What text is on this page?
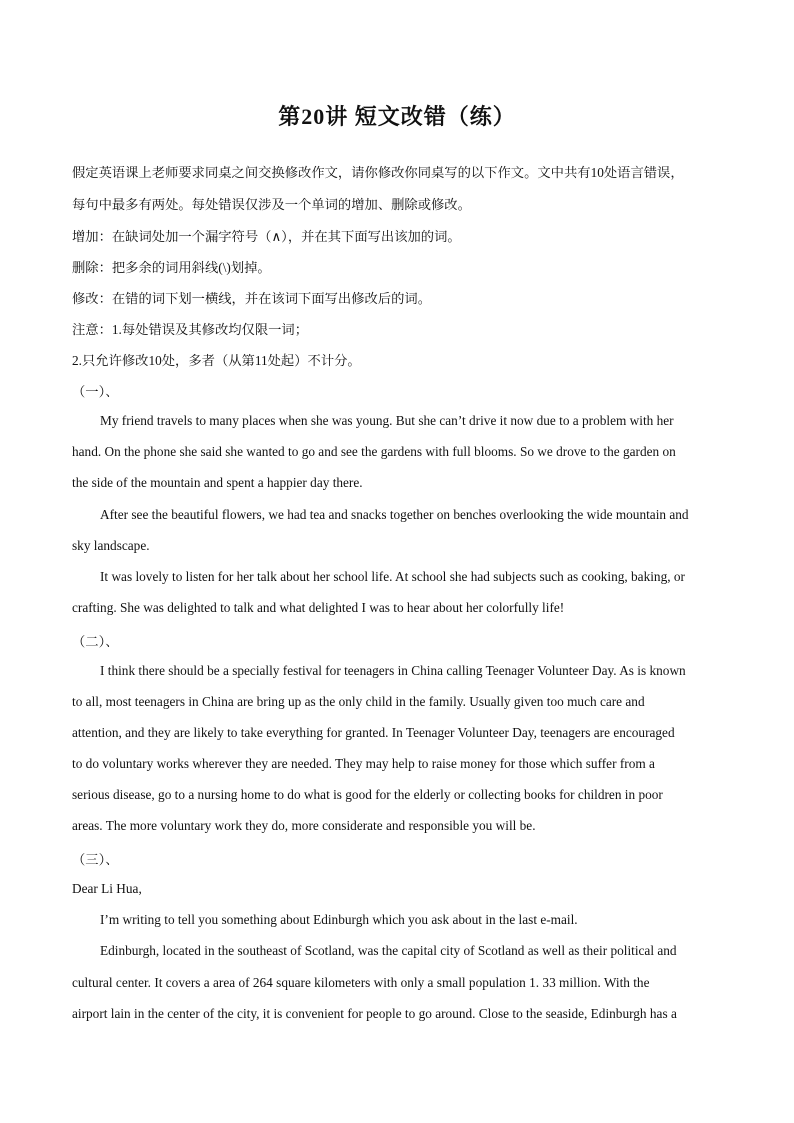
第20讲 短文改错（练）
假定英语课上老师要求同桌之间交换修改作文，请你修改你同桌写的以下作文。文中共有10处语言错误，
每句中最多有两处。每处错误仅涉及一个单词的增加、删除或修改。
增加：在缺词处加一个漏字符号（∧），并在其下面写出该加的词。
删除：把多余的词用斜线(\)划掉。
修改：在错的词下划一横线，并在该词下面写出修改后的词。
注意：1.每处错误及其修改均仅限一词；
2.只允许修改10处，多者（从第11处起）不计分。
（一）、
My friend travels to many places when she was young. But she can’t drive it now due to a problem with her
hand. On the phone she said she wanted to go and see the gardens with full blooms. So we drove to the garden on
the side of the mountain and spent a happier day there.
After see the beautiful flowers, we had tea and snacks together on benches overlooking the wide mountain and
sky landscape.
It was lovely to listen for her talk about her school life. At school she had subjects such as cooking, baking, or
crafting. She was delighted to talk and what delighted I was to hear about her colorfully life!
（二）、
I think there should be a specially festival for teenagers in China calling Teenager Volunteer Day. As is known
to all, most teenagers in China are bring up as the only child in the family. Usually given too much care and
attention, and they are likely to take everything for granted. In Teenager Volunteer Day, teenagers are encouraged
to do voluntary works wherever they are needed. They may help to raise money for those which suffer from a
serious disease, go to a nursing home to do what is good for the elderly or collecting books for children in poor
areas. The more voluntary work they do, more considerate and responsible you will be.
（三）、
Dear Li Hua,
I’m writing to tell you something about Edinburgh which you ask about in the last e-mail.
Edinburgh, located in the southeast of Scotland, was the capital city of Scotland as well as their political and
cultural center. It covers a area of 264 square kilometers with only a small population 1. 33 million. With the
airport lain in the center of the city, it is convenient for people to go around. Close to the seaside, Edinburgh has a
